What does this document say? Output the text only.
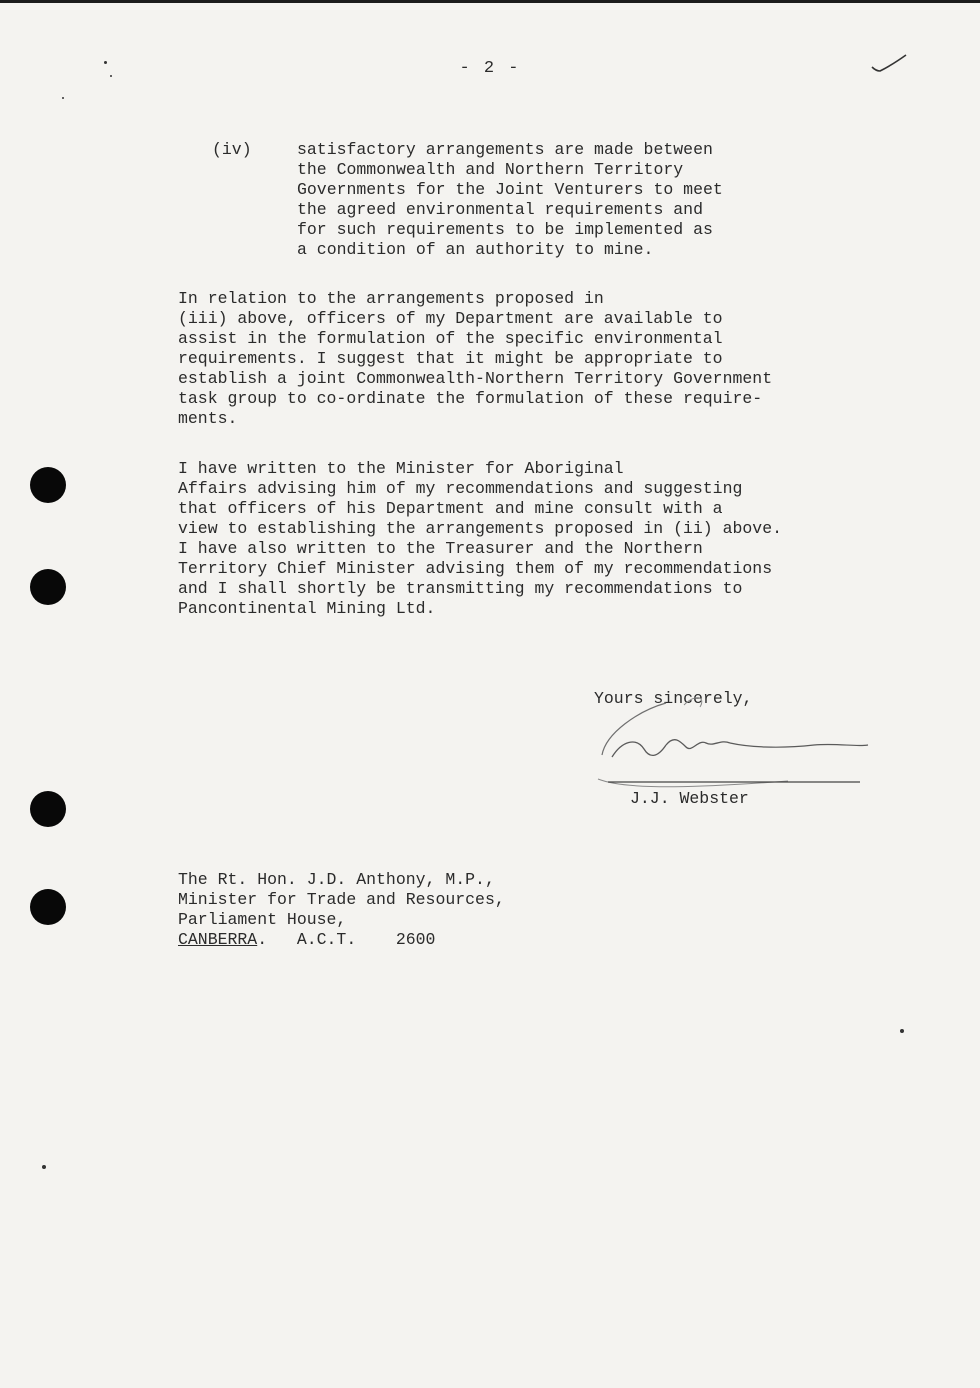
- 2 -
(iv)	satisfactory arrangements are made between
the Commonwealth and Northern Territory
Governments for the Joint Venturers to meet
the agreed environmental requirements and
for such requirements to be implemented as
a condition of an authority to mine.
In relation to the arrangements proposed in
(iii) above, officers of my Department are available to
assist in the formulation of the specific environmental
requirements. I suggest that it might be appropriate to
establish a joint Commonwealth-Northern Territory Government
task group to co-ordinate the formulation of these require-
ments.
I have written to the Minister for Aboriginal
Affairs advising him of my recommendations and suggesting
that officers of his Department and mine consult with a
view to establishing the arrangements proposed in (ii) above.
I have also written to the Treasurer and the Northern
Territory Chief Minister advising them of my recommendations
and I shall shortly be transmitting my recommendations to
Pancontinental Mining Ltd.
Yours sincerely,
J.J. Webster
The Rt. Hon. J.D. Anthony, M.P.,
Minister for Trade and Resources,
Parliament House,
CANBERRA.   A.C.T.    2600
